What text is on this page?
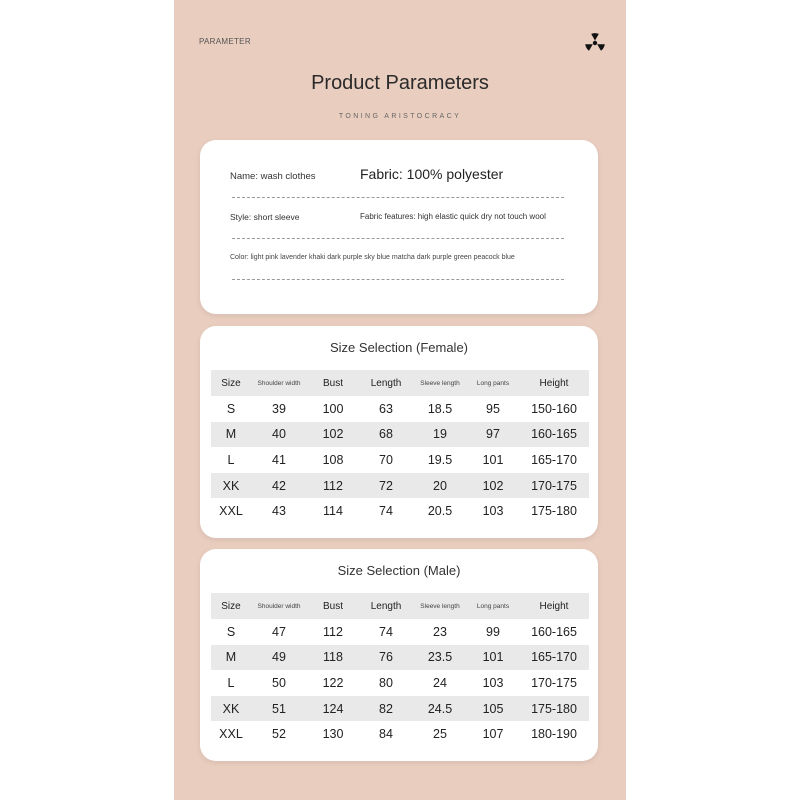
PARAMETER
Product Parameters
TONING ARISTOCRACY
Name: wash clothes	Fabric: 100% polyester
Style: short sleeve	Fabric features: high elastic quick dry not touch wool
Color: light pink lavender khaki dark purple sky blue matcha dark purple green peacock blue
Size Selection (Female)
Size	Shoulder width	Bust	Length	Sleeve length	Long pants	Height
S	39	100	63	18.5	95	150-160
M	40	102	68	19	97	160-165
L	41	108	70	19.5	101	165-170
XK	42	112	72	20	102	170-175
XXL	43	114	74	20.5	103	175-180
Size Selection (Male)
Size	Shoulder width	Bust	Length	Sleeve length	Long pants	Height
S	47	112	74	23	99	160-165
M	49	118	76	23.5	101	165-170
L	50	122	80	24	103	170-175
XK	51	124	82	24.5	105	175-180
XXL	52	130	84	25	107	180-190
